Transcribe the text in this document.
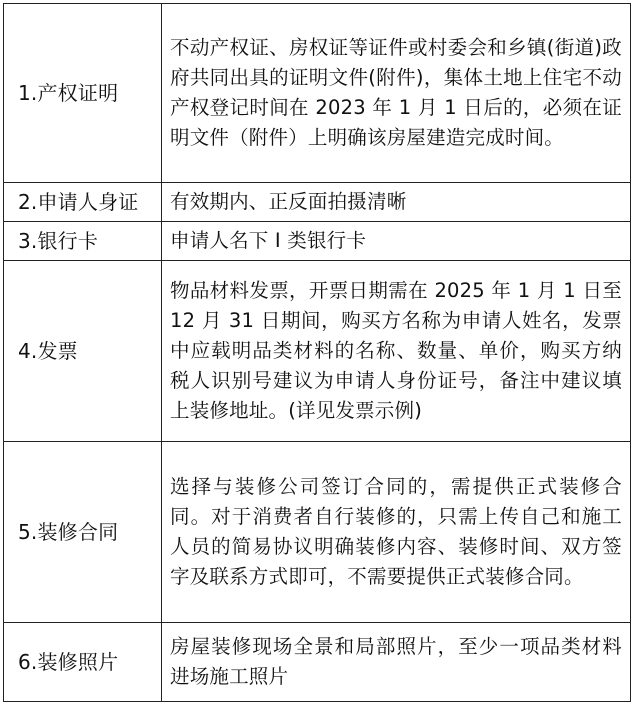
1.产权证明	不动产权证、房权证等证件或村委会和乡镇(街道)政府共同出具的证明文件(附件)，集体土地上住宅不动产权登记时间在 2023 年 1 月 1 日后的，必须在证明文件（附件）上明确该房屋建造完成时间。
2.申请人身证	有效期内、正反面拍摄清晰
3.银行卡	申请人名下 I 类银行卡
4.发票	物品材料发票，开票日期需在 2025 年 1 月 1 日至 12 月 31 日期间，购买方名称为申请人姓名，发票中应载明品类材料的名称、数量、单价，购买方纳税人识别号建议为申请人身份证号，备注中建议填上装修地址。(详见发票示例)
5.装修合同	选择与装修公司签订合同的，需提供正式装修合同。对于消费者自行装修的，只需上传自己和施工人员的简易协议明确装修内容、装修时间、双方签字及联系方式即可，不需要提供正式装修合同。
6.装修照片	房屋装修现场全景和局部照片，至少一项品类材料进场施工照片
